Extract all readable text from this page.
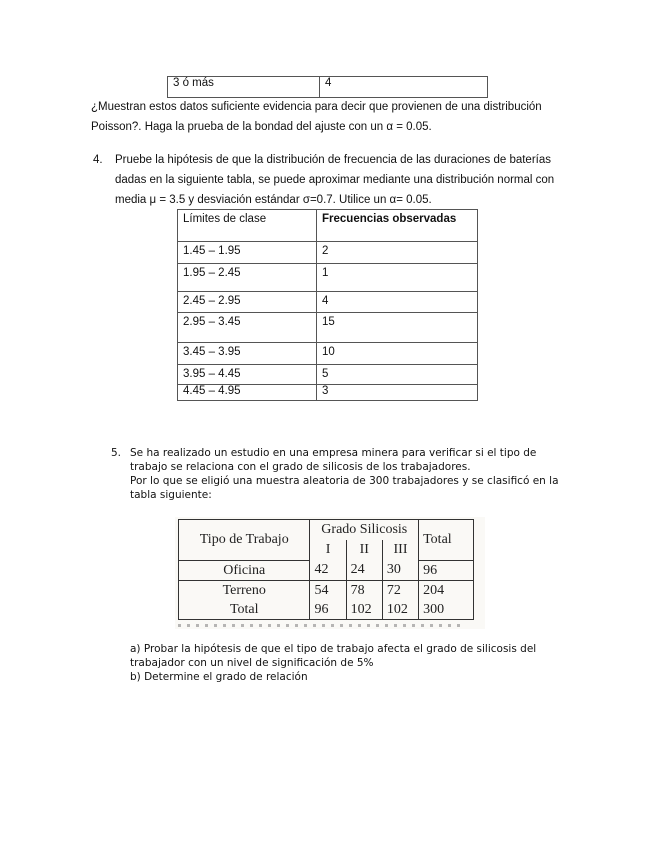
3 ó más	4
¿Muestran estos datos suficiente evidencia para decir que provienen de una distribución
Poisson?. Haga la prueba de la bondad del ajuste con un α = 0.05.
4. Pruebe la hipótesis de que la distribución de frecuencia de las duraciones de baterías
dadas en la siguiente tabla, se puede aproximar mediante una distribución normal con
media μ = 3.5 y desviación estándar σ=0.7. Utilice un α= 0.05.
Límites de clase	Frecuencias observadas
1.45 – 1.95	2
1.95 – 2.45	1
2.45 – 2.95	4
2.95 – 3.45	15
3.45 – 3.95	10
3.95 – 4.45	5
4.45 – 4.95	3
5. Se ha realizado un estudio en una empresa minera para verificar si el tipo de
trabajo se relaciona con el grado de silicosis de los trabajadores.
Por lo que se eligió una muestra aleatoria de 300 trabajadores y se clasificó en la
tabla siguiente:
Tipo de Trabajo	Grado Silicosis			Total
	I	II	III	
Oficina	42	24	30	96
Terreno	54	78	72	204
Total	96	102	102	300
a) Probar la hipótesis de que el tipo de trabajo afecta el grado de silicosis del
trabajador con un nivel de significación de 5%
b) Determine el grado de relación
